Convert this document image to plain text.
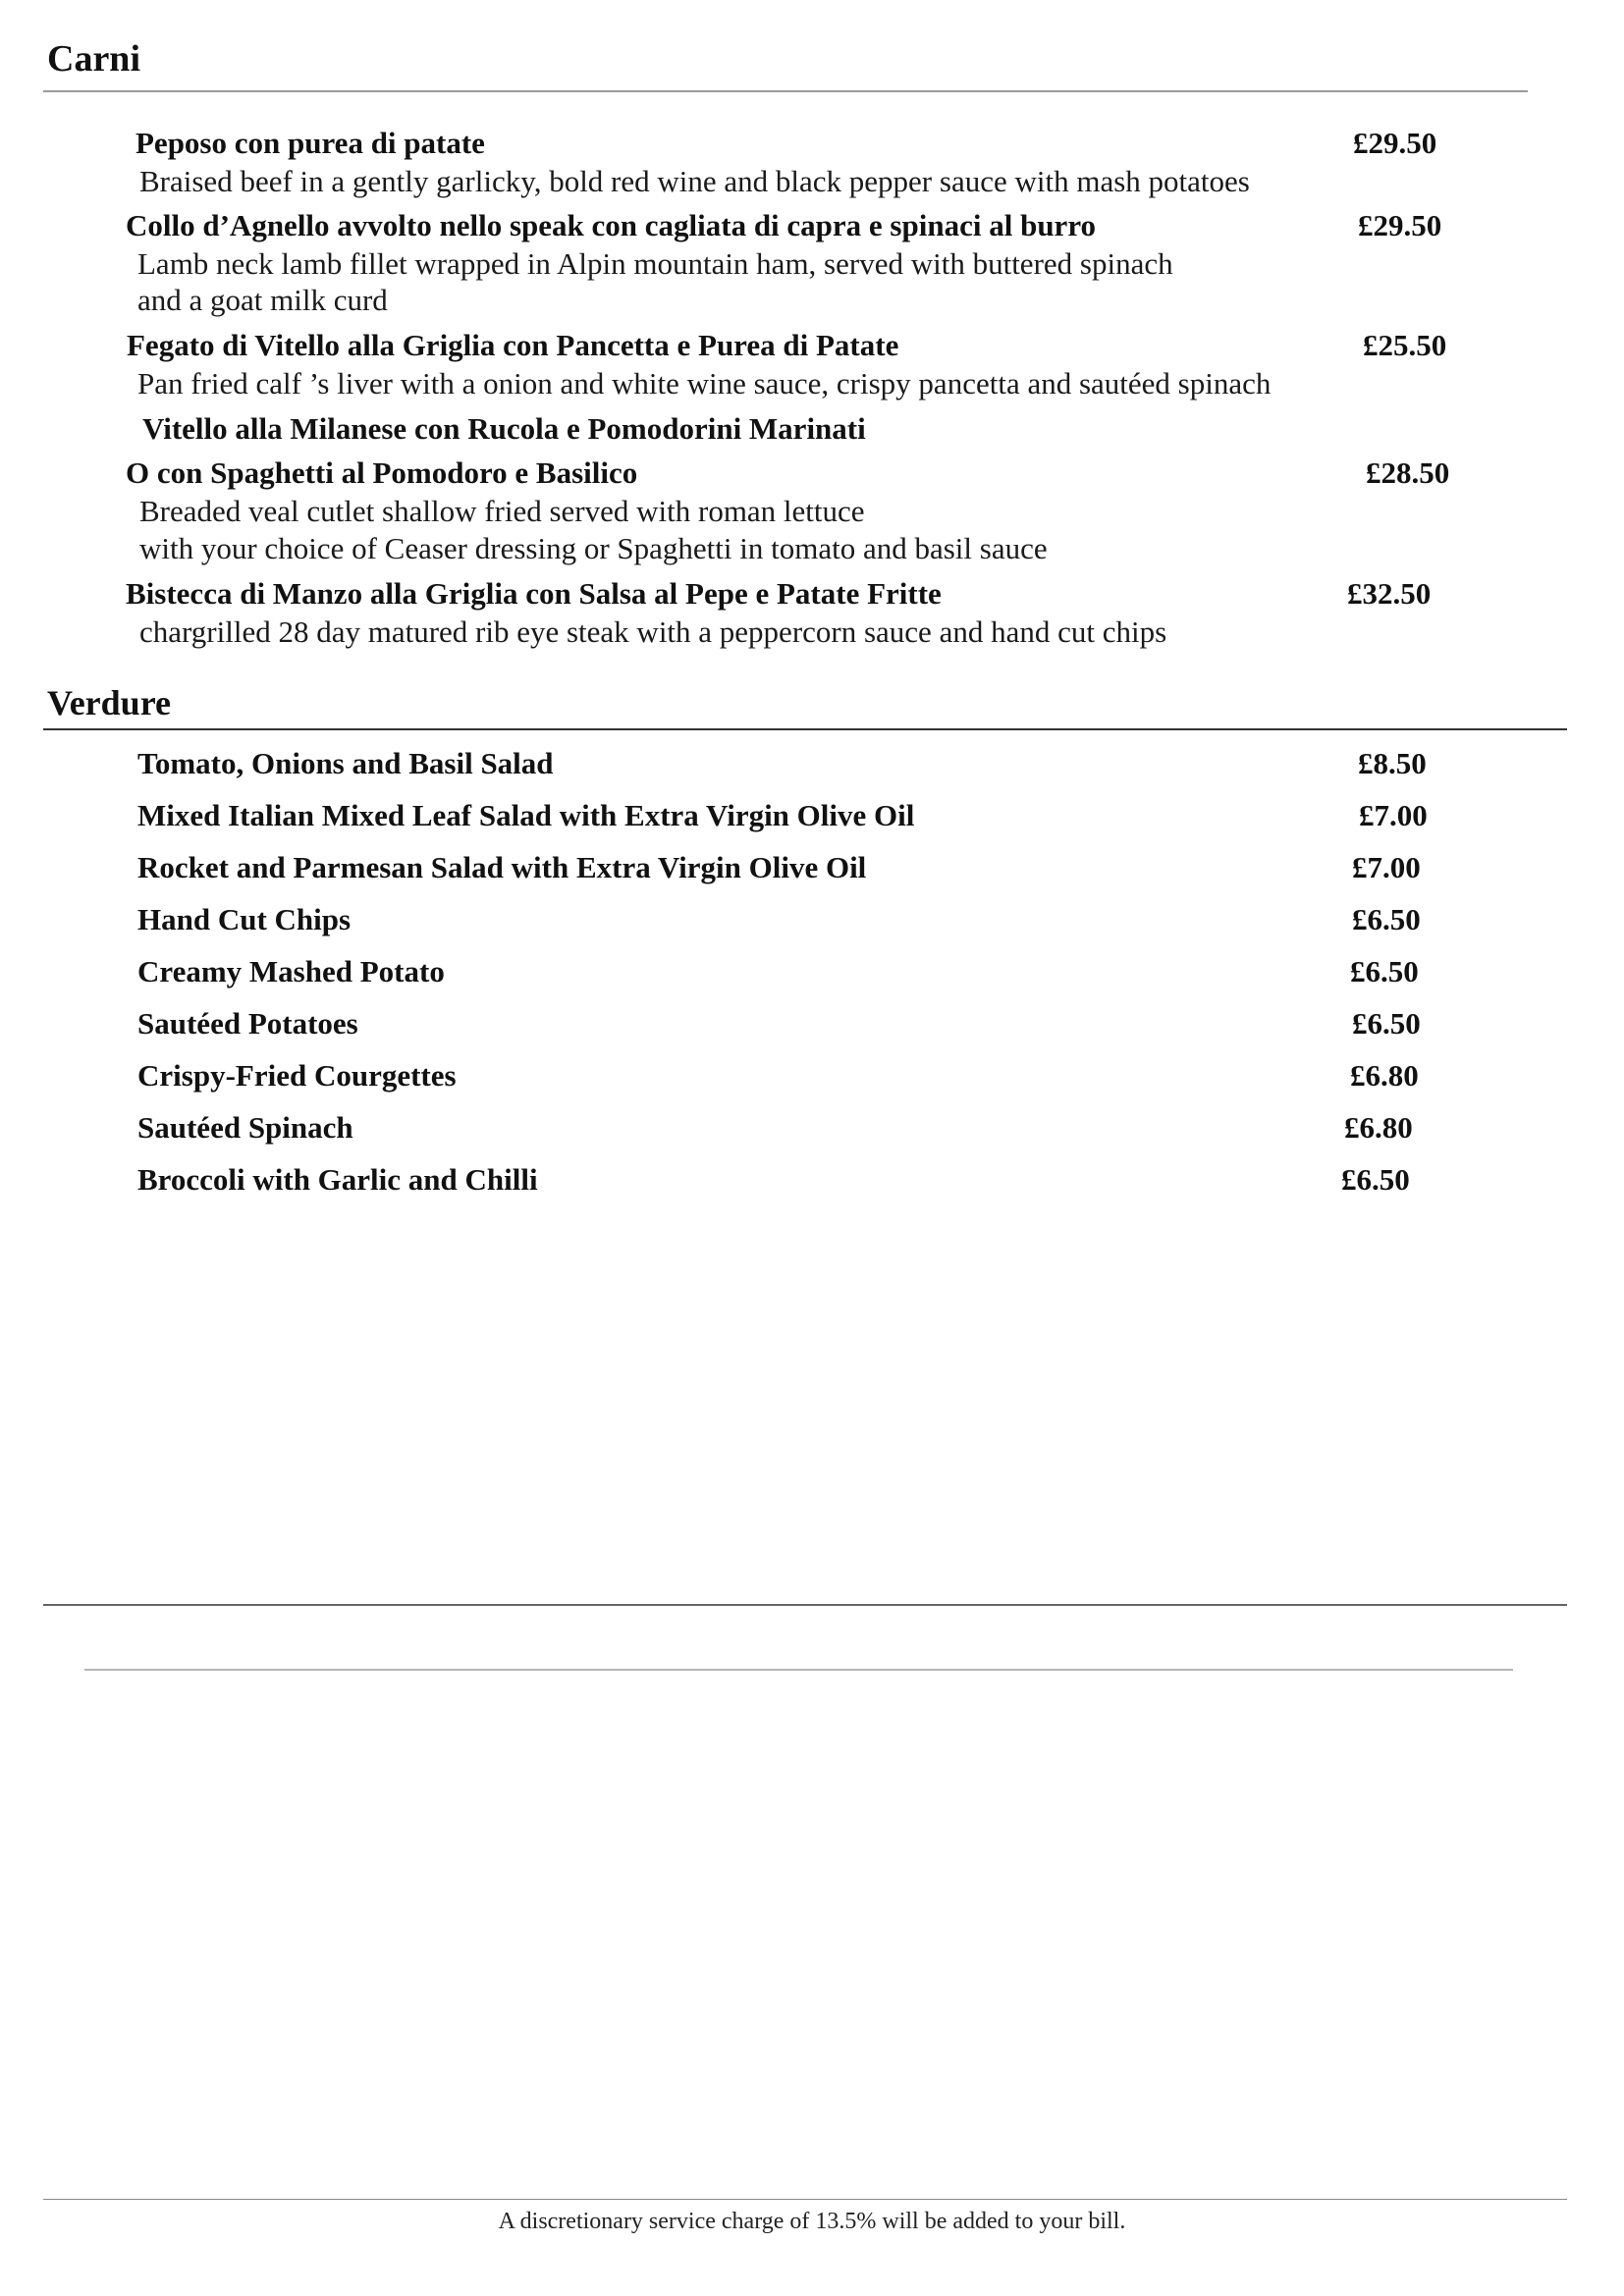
Carni

Peposo con purea di patate	£29.50

Braised beef in a gently garlicky, bold red wine and black pepper sauce with mash potatoes

Collo d’Agnello avvolto nello speak con cagliata di capra e spinaci al burro	£29.50

Lamb neck lamb fillet wrapped in Alpin mountain ham, served with buttered spinach

and a goat milk curd

Fegato di Vitello alla Griglia con Pancetta e Purea di Patate	£25.50

Pan fried calf ’s liver with a onion and white wine sauce, crispy pancetta and sautéed spinach

Vitello alla Milanese con Rucola e Pomodorini Marinati

O con Spaghetti al Pomodoro e Basilico	£28.50

Breaded veal cutlet shallow fried served with roman lettuce

with your choice of Ceaser dressing or Spaghetti in tomato and basil sauce

Bistecca di Manzo alla Griglia con Salsa al Pepe e Patate Fritte	£32.50

chargrilled 28 day matured rib eye steak with a peppercorn sauce and hand cut chips

Verdure

Tomato, Onions and Basil Salad	£8.50

Mixed Italian Mixed Leaf Salad with Extra Virgin Olive Oil	£7.00

Rocket and Parmesan Salad with Extra Virgin Olive Oil	£7.00

Hand Cut Chips	£6.50

Creamy Mashed Potato	£6.50

Sautéed Potatoes	£6.50

Crispy-Fried Courgettes	£6.80

Sautéed Spinach	£6.80

Broccoli with Garlic and Chilli	£6.50

A discretionary service charge of 13.5% will be added to your bill.
